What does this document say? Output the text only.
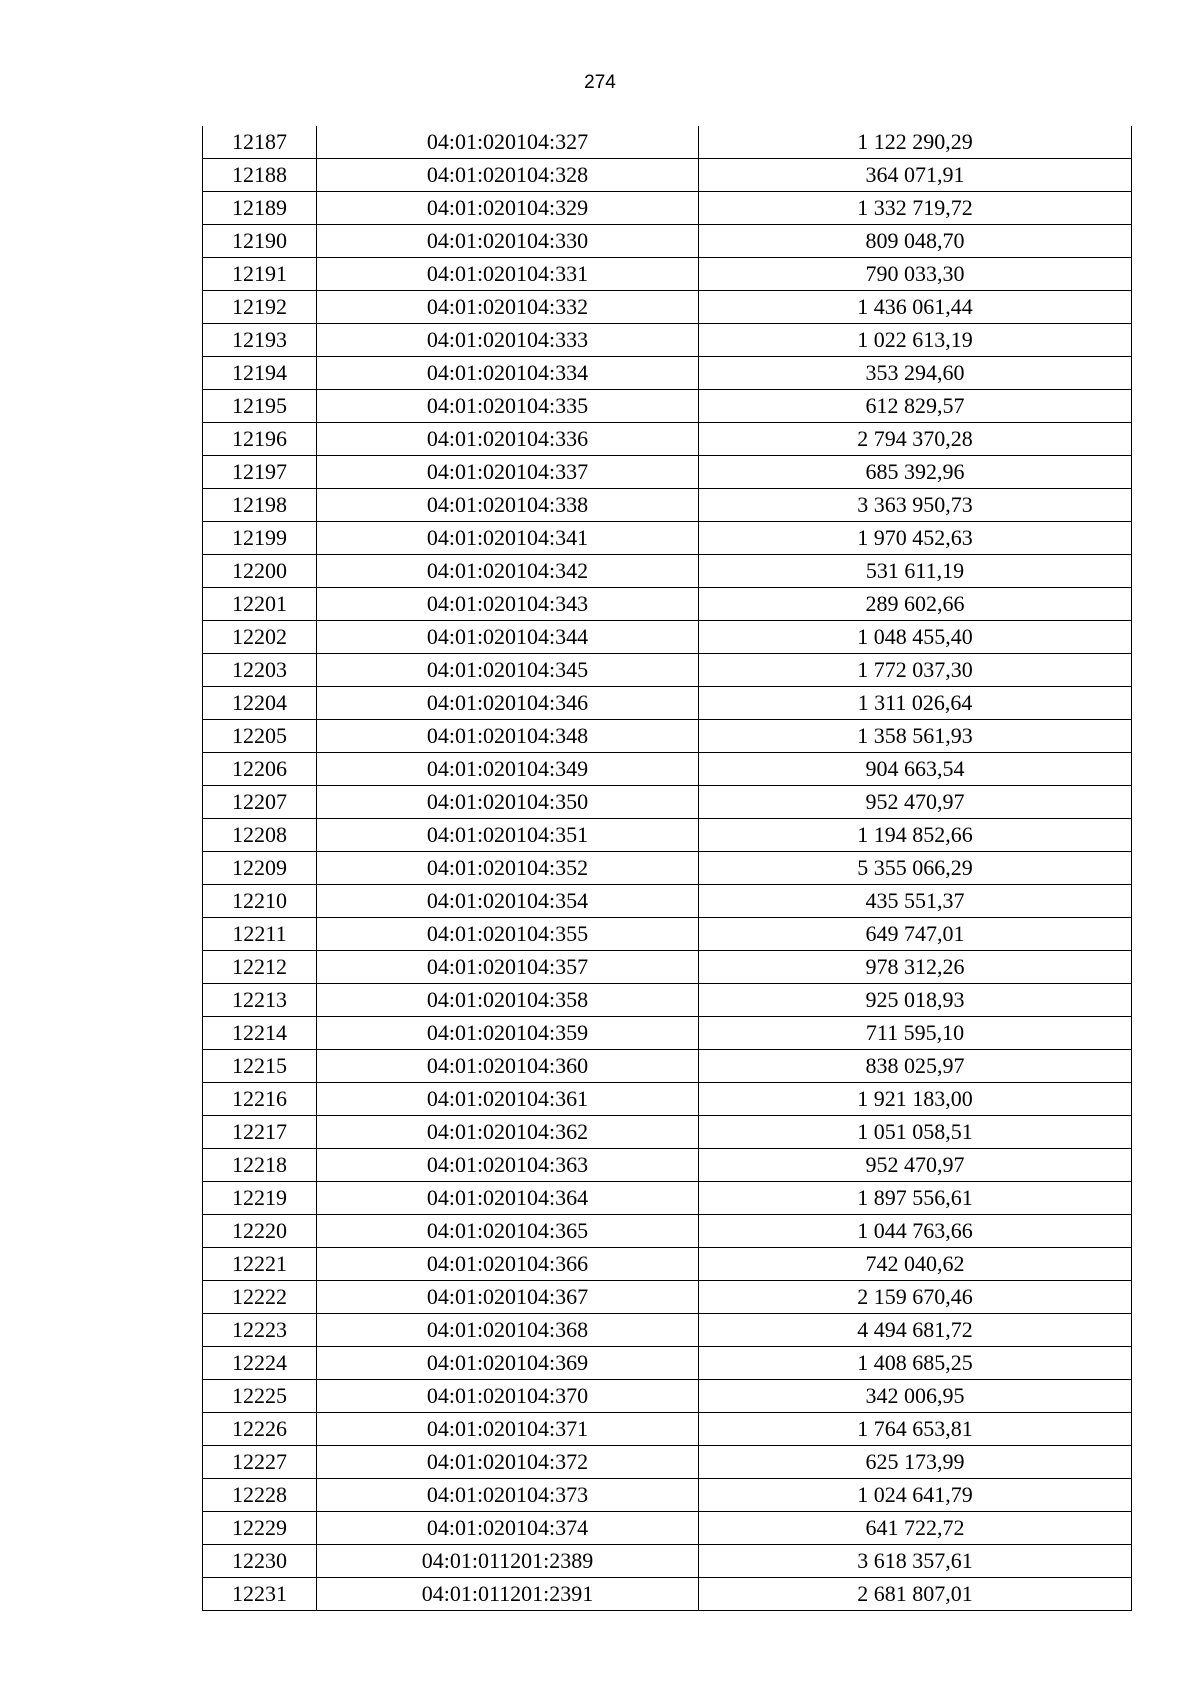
274
12187	04:01:020104:327	1 122 290,29
12188	04:01:020104:328	364 071,91
12189	04:01:020104:329	1 332 719,72
12190	04:01:020104:330	809 048,70
12191	04:01:020104:331	790 033,30
12192	04:01:020104:332	1 436 061,44
12193	04:01:020104:333	1 022 613,19
12194	04:01:020104:334	353 294,60
12195	04:01:020104:335	612 829,57
12196	04:01:020104:336	2 794 370,28
12197	04:01:020104:337	685 392,96
12198	04:01:020104:338	3 363 950,73
12199	04:01:020104:341	1 970 452,63
12200	04:01:020104:342	531 611,19
12201	04:01:020104:343	289 602,66
12202	04:01:020104:344	1 048 455,40
12203	04:01:020104:345	1 772 037,30
12204	04:01:020104:346	1 311 026,64
12205	04:01:020104:348	1 358 561,93
12206	04:01:020104:349	904 663,54
12207	04:01:020104:350	952 470,97
12208	04:01:020104:351	1 194 852,66
12209	04:01:020104:352	5 355 066,29
12210	04:01:020104:354	435 551,37
12211	04:01:020104:355	649 747,01
12212	04:01:020104:357	978 312,26
12213	04:01:020104:358	925 018,93
12214	04:01:020104:359	711 595,10
12215	04:01:020104:360	838 025,97
12216	04:01:020104:361	1 921 183,00
12217	04:01:020104:362	1 051 058,51
12218	04:01:020104:363	952 470,97
12219	04:01:020104:364	1 897 556,61
12220	04:01:020104:365	1 044 763,66
12221	04:01:020104:366	742 040,62
12222	04:01:020104:367	2 159 670,46
12223	04:01:020104:368	4 494 681,72
12224	04:01:020104:369	1 408 685,25
12225	04:01:020104:370	342 006,95
12226	04:01:020104:371	1 764 653,81
12227	04:01:020104:372	625 173,99
12228	04:01:020104:373	1 024 641,79
12229	04:01:020104:374	641 722,72
12230	04:01:011201:2389	3 618 357,61
12231	04:01:011201:2391	2 681 807,01
